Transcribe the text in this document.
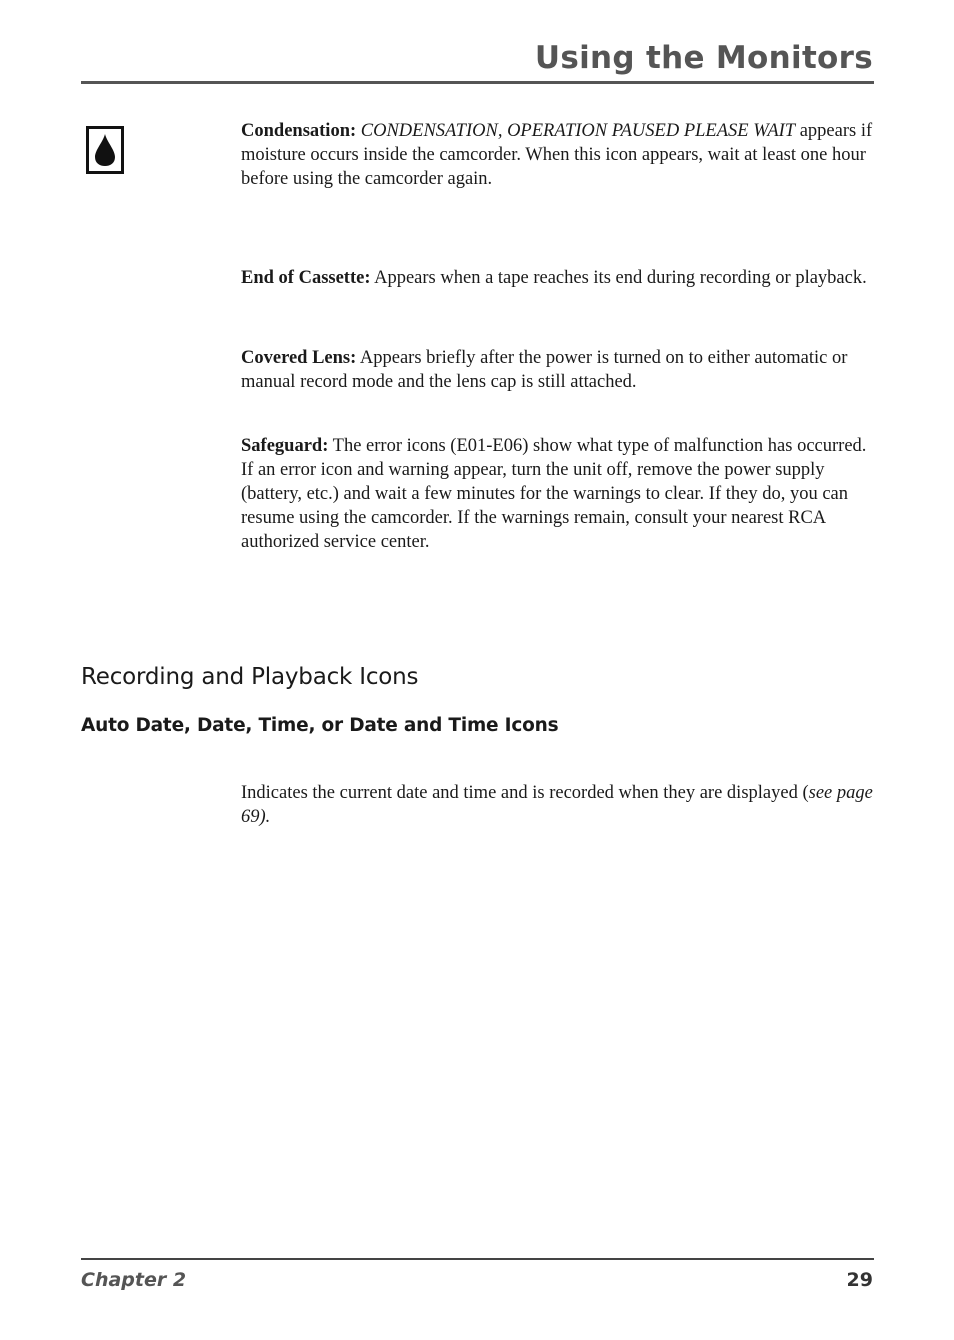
Using the Monitors

Condensation: CONDENSATION, OPERATION PAUSED PLEASE WAIT appears if moisture occurs inside the camcorder. When this icon appears, wait at least one hour before using the camcorder again.

End of Cassette: Appears when a tape reaches its end during recording or playback.

Covered Lens: Appears briefly after the power is turned on to either automatic or manual record mode and the lens cap is still attached.

Safeguard: The error icons (E01-E06) show what type of malfunction has occurred. If an error icon and warning appear, turn the unit off, remove the power supply (battery, etc.) and wait a few minutes for the warnings to clear. If they do, you can resume using the camcorder. If the warnings remain, consult your nearest RCA authorized service center.

Recording and Playback Icons
Auto Date, Date, Time, or Date and Time Icons

Indicates the current date and time and is recorded when they are displayed (see page 69).

Chapter 2	29
